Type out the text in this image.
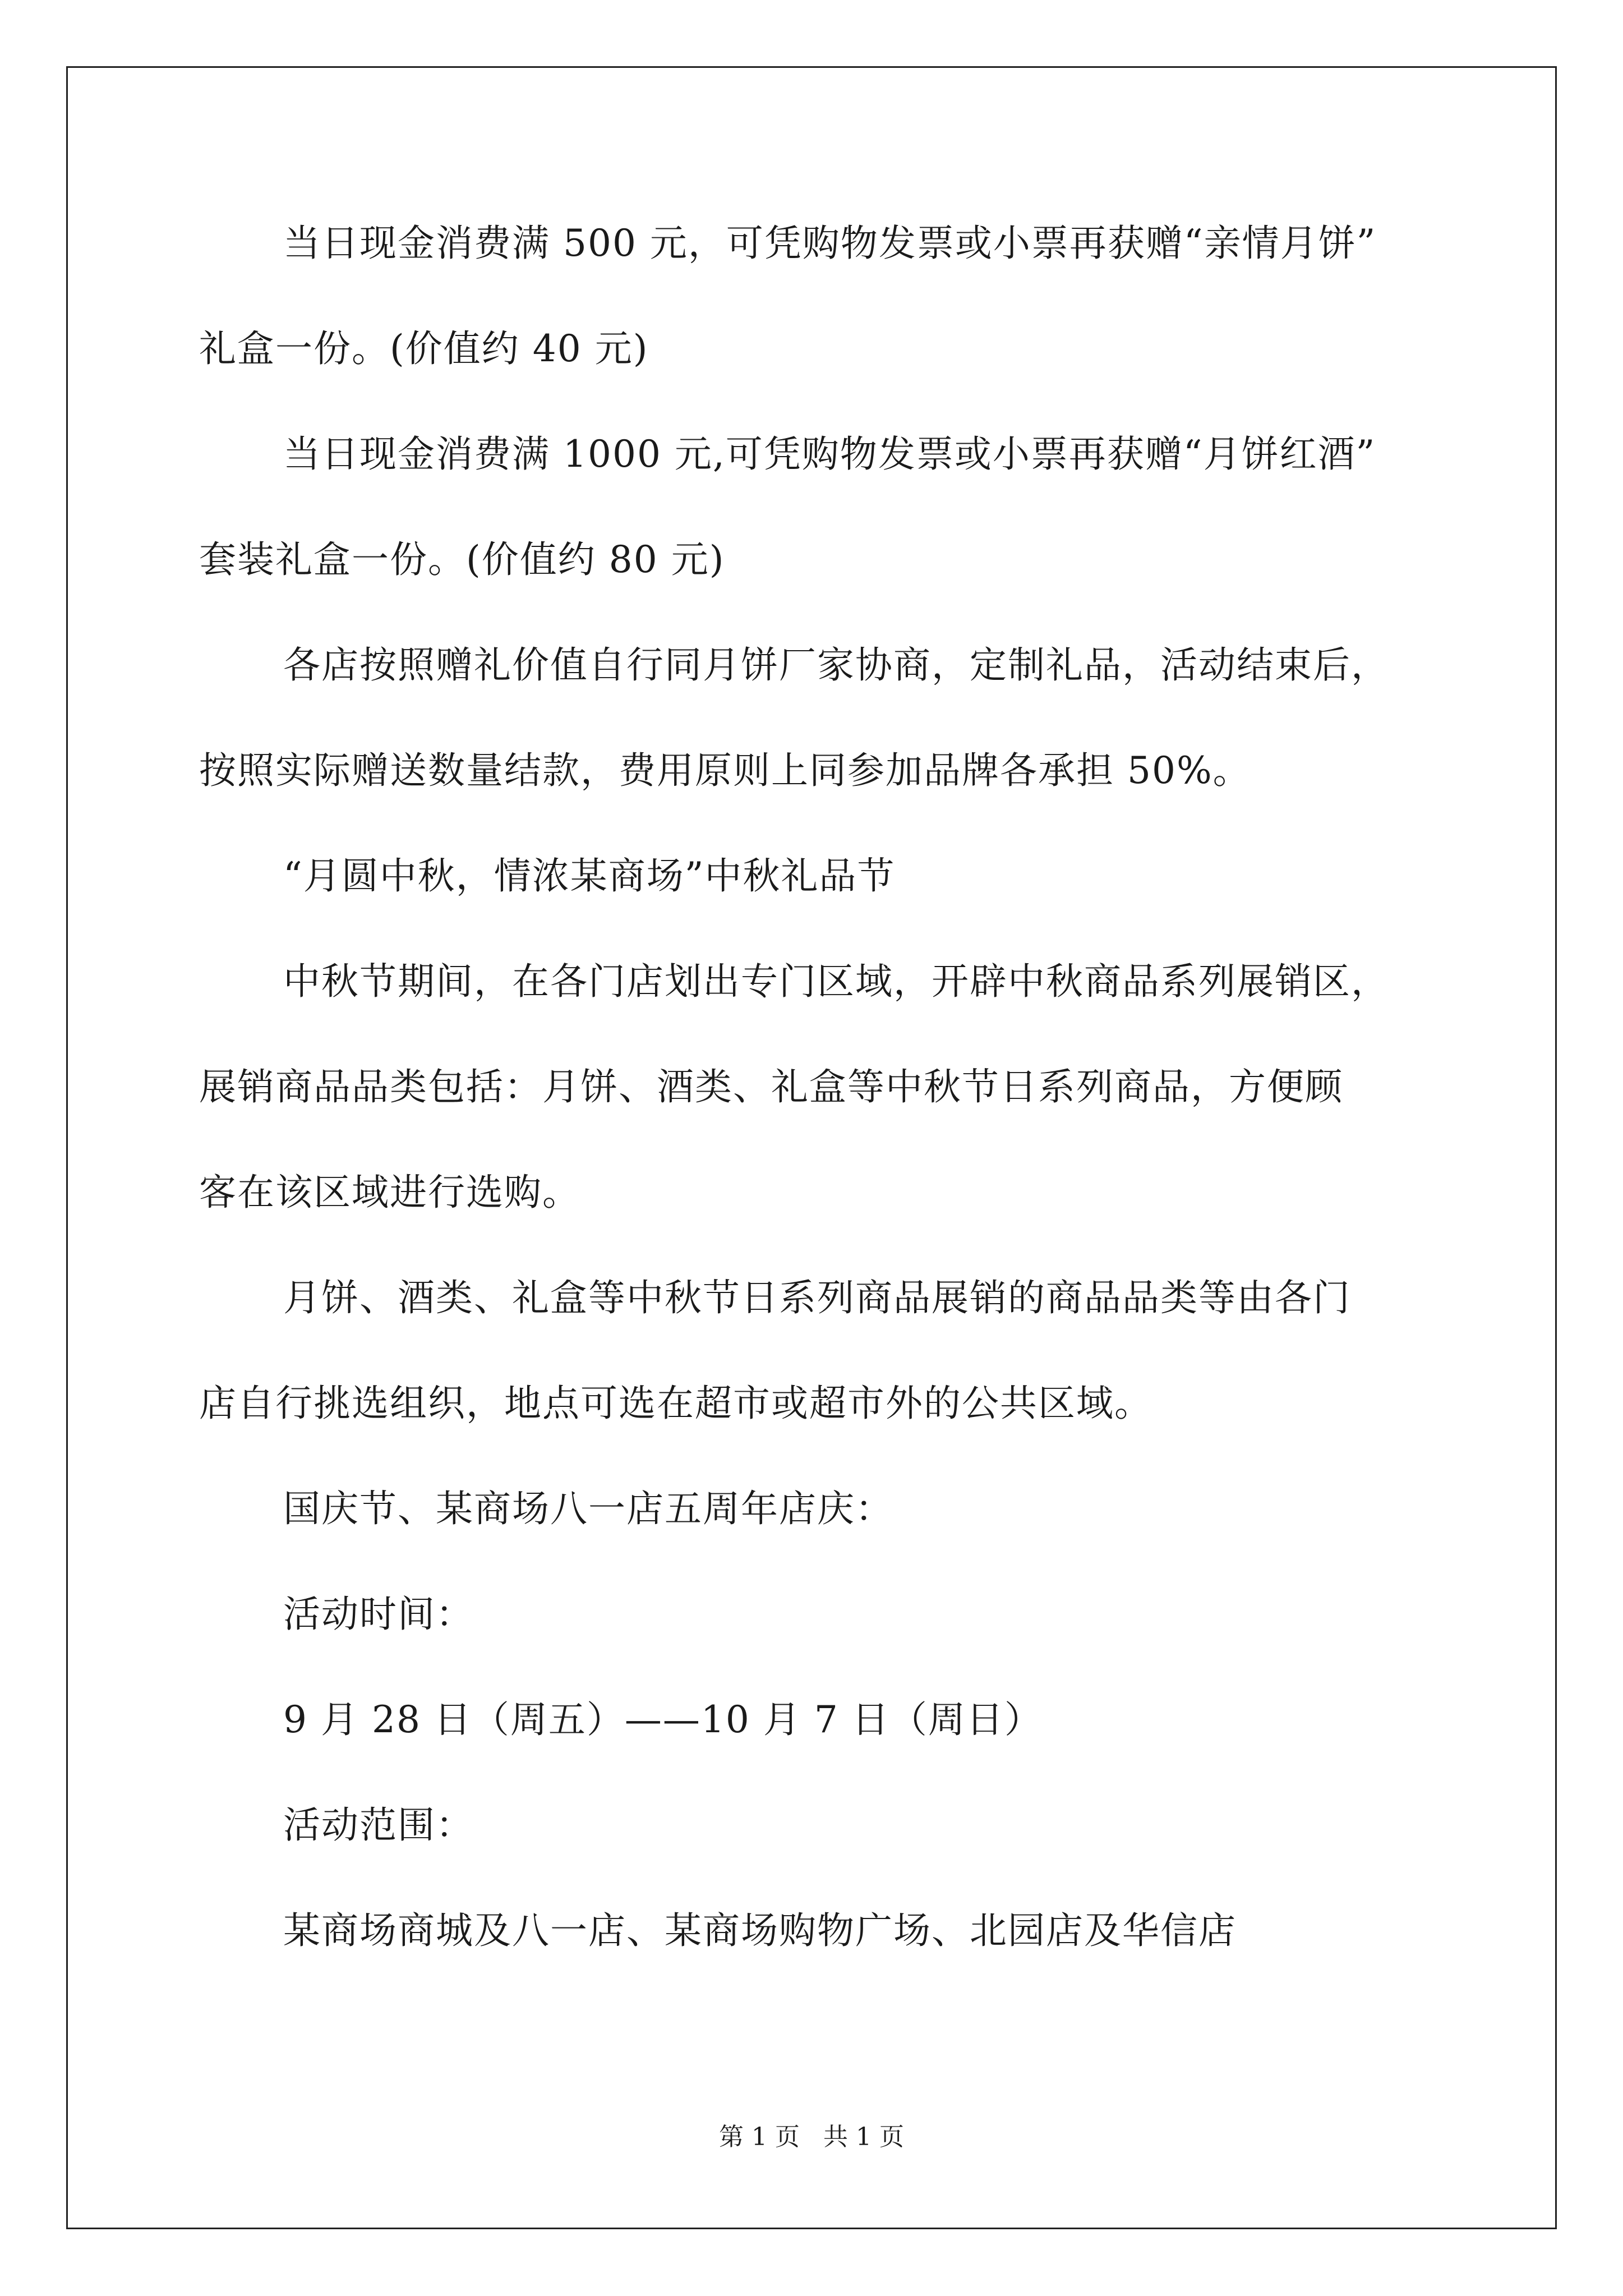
当日现金消费满 500 元，可凭购物发票或小票再获赠“亲情月饼”

礼盒一份。(价值约 40 元)

当日现金消费满 1000 元,可凭购物发票或小票再获赠“月饼红酒”

套装礼盒一份。(价值约 80 元)

各店按照赠礼价值自行同月饼厂家协商，定制礼品，活动结束后，

按照实际赠送数量结款，费用原则上同参加品牌各承担 50%。

“月圆中秋，情浓某商场”中秋礼品节

中秋节期间，在各门店划出专门区域，开辟中秋商品系列展销区，

展销商品品类包括：月饼、酒类、礼盒等中秋节日系列商品，方便顾

客在该区域进行选购。

月饼、酒类、礼盒等中秋节日系列商品展销的商品品类等由各门

店自行挑选组织，地点可选在超市或超市外的公共区域。

国庆节、某商场八一店五周年店庆：

活动时间：

9 月 28 日（周五）——10 月 7 日（周日）

活动范围：

某商场商城及八一店、某商场购物广场、北园店及华信店

第 1 页   共 1 页
